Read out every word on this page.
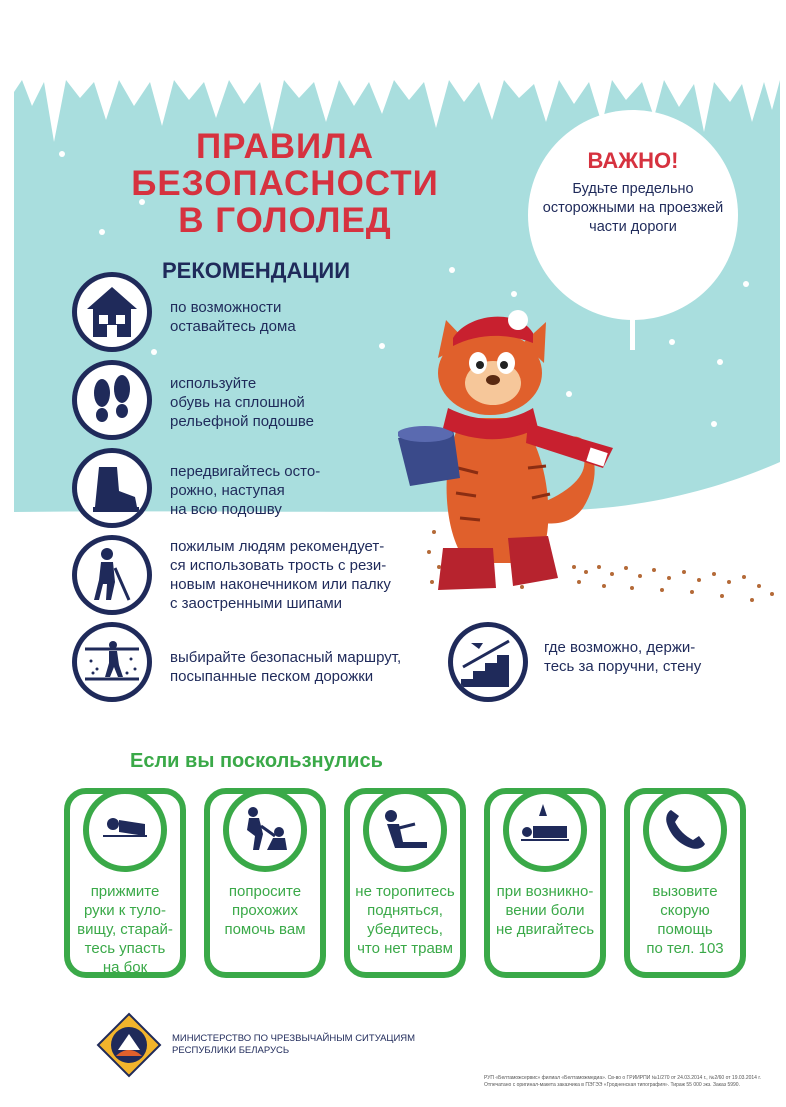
ПРАВИЛА
БЕЗОПАСНОСТИ
В ГОЛОЛЕД
ВАЖНО!
Будьте предельно
осторожными на проезжей
части дороги
РЕКОМЕНДАЦИИ
по возможности
оставайтесь дома
используйте
обувь на сплошной
рельефной подошве
передвигайтесь осто-
рожно, наступая
на всю подошву
пожилым людям рекомендует-
ся использовать трость с рези-
новым наконечником или палку
с заостренными шипами
выбирайте безопасный маршрут,
посыпанные песком дорожки
где возможно, держи-
тесь за поручни, стену
Если вы поскользнулись
прижмите
руки к туло-
вищу, старай-
тесь упасть
на бок
попросите
прохожих
помочь вам
не торопитесь
подняться,
убедитесь,
что нет травм
при возникно-
вении боли
не двигайтесь
вызовите
скорую
помощь
по тел. 103
МИНИСТЕРСТВО ПО ЧРЕЗВЫЧАЙНЫМ СИТУАЦИЯМ
РЕСПУБЛИКИ БЕЛАРУСЬ
РУП «Белтаможсервис» филиал «Белтаможмедиа». Св-во о ГРИИРПИ №1/270 от 24.03.2014 г., №2/60 от 19.03.2014 г.
Отпечатано с оригинал-макета заказчика в ПЭГЭЭ «Гродненская типография». Тираж 55 000 экз. Заказ 5990.
